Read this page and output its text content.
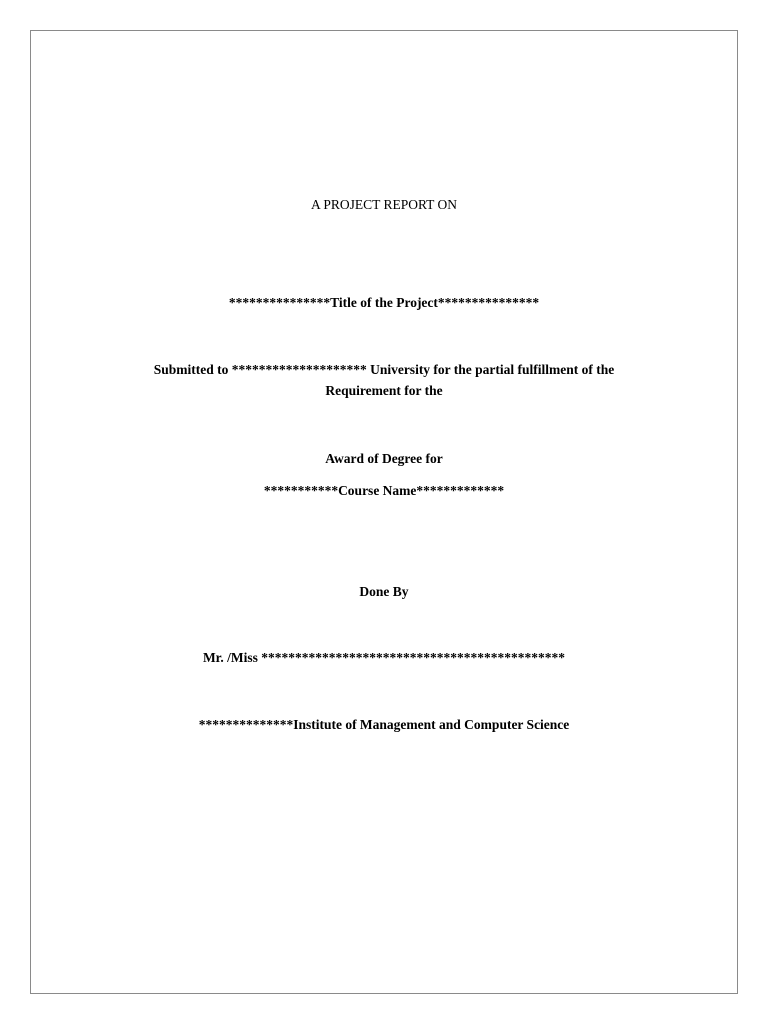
A PROJECT REPORT ON
***************Title of the Project***************
Submitted to ******************** University for the partial fulfillment of the
Requirement for the
Award of Degree for
***********Course Name*************
Done By
Mr. /Miss *********************************************
**************Institute of Management and Computer Science
